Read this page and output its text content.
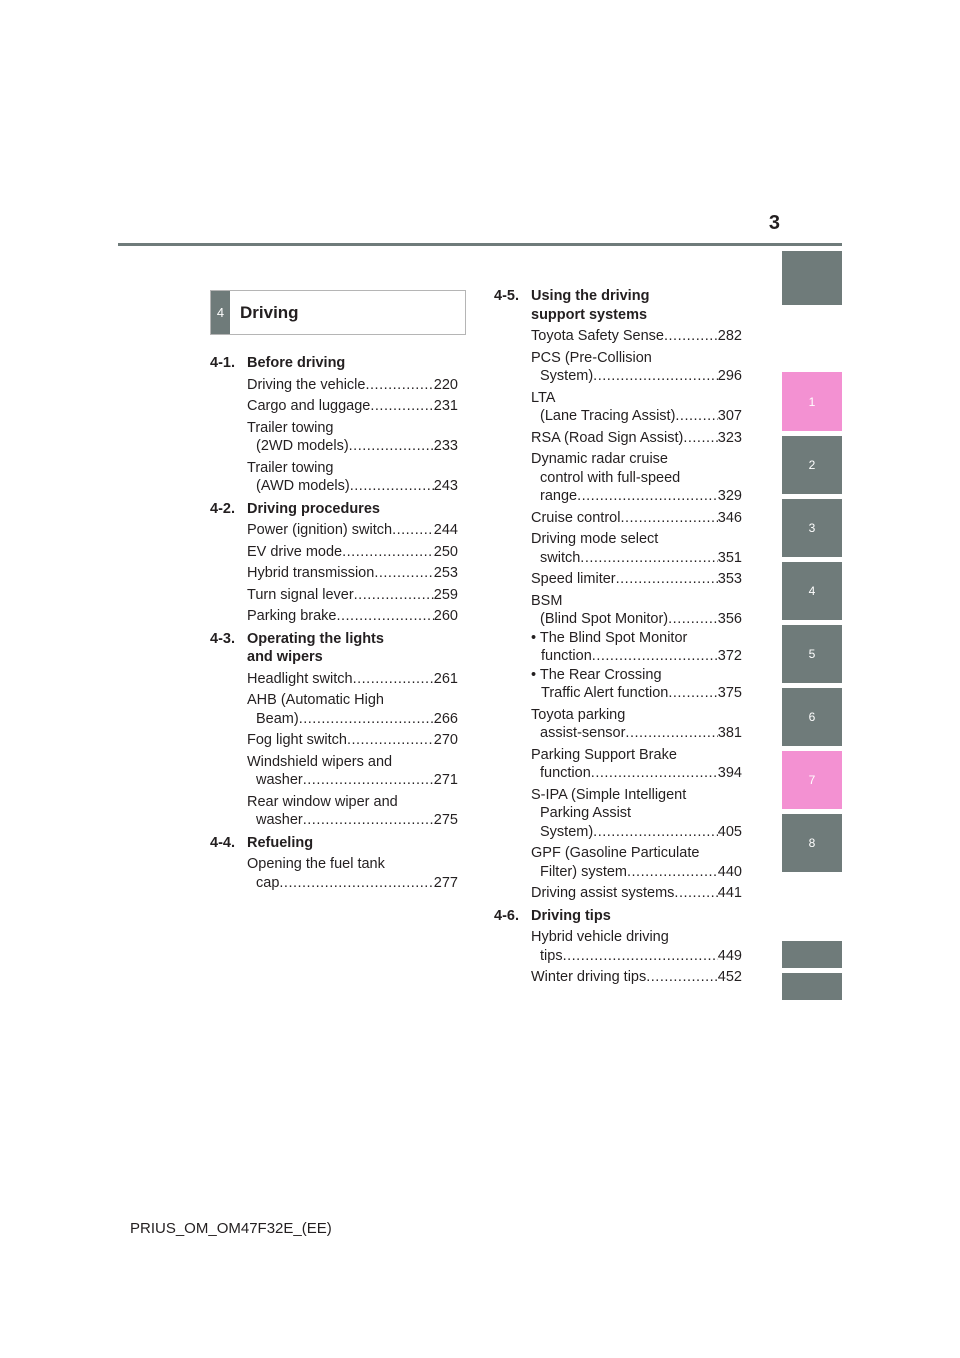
3
1
2
3
4
5
6
7
8
4 Driving
4-1. Before driving
Driving the vehicle .....	220
Cargo and luggage .....	231
Trailer towing
(2WD models) .....	233
Trailer towing
(AWD models) .....	243
4-2. Driving procedures
Power (ignition) switch .....	244
EV drive mode .....	250
Hybrid transmission .....	253
Turn signal lever .....	259
Parking brake .....	260
4-3. Operating the lights
and wipers
Headlight switch .....	261
AHB (Automatic High
Beam) .....	266
Fog light switch .....	270
Windshield wipers and
washer .....	271
Rear window wiper and
washer .....	275
4-4. Refueling
Opening the fuel tank
cap .....	277
4-5. Using the driving
support systems
Toyota Safety Sense .....	282
PCS (Pre-Collision
System) .....	296
LTA
(Lane Tracing Assist) .....	307
RSA (Road Sign Assist) ..... 323
Dynamic radar cruise
control with full-speed
range .....	329
Cruise control .....	346
Driving mode select
switch .....	351
Speed limiter .....	353
BSM
(Blind Spot Monitor) .....	356
• The Blind Spot Monitor
function .....	372
• The Rear Crossing
Traffic Alert function .....	375
Toyota parking
assist-sensor .....	381
Parking Support Brake
function .....	394
S-IPA (Simple Intelligent
Parking Assist
System) .....	405
GPF (Gasoline Particulate
Filter) system .....	440
Driving assist systems .....	441
4-6. Driving tips
Hybrid vehicle driving
tips .....	449
Winter driving tips .....	452
PRIUS_OM_OM47F32E_(EE)
